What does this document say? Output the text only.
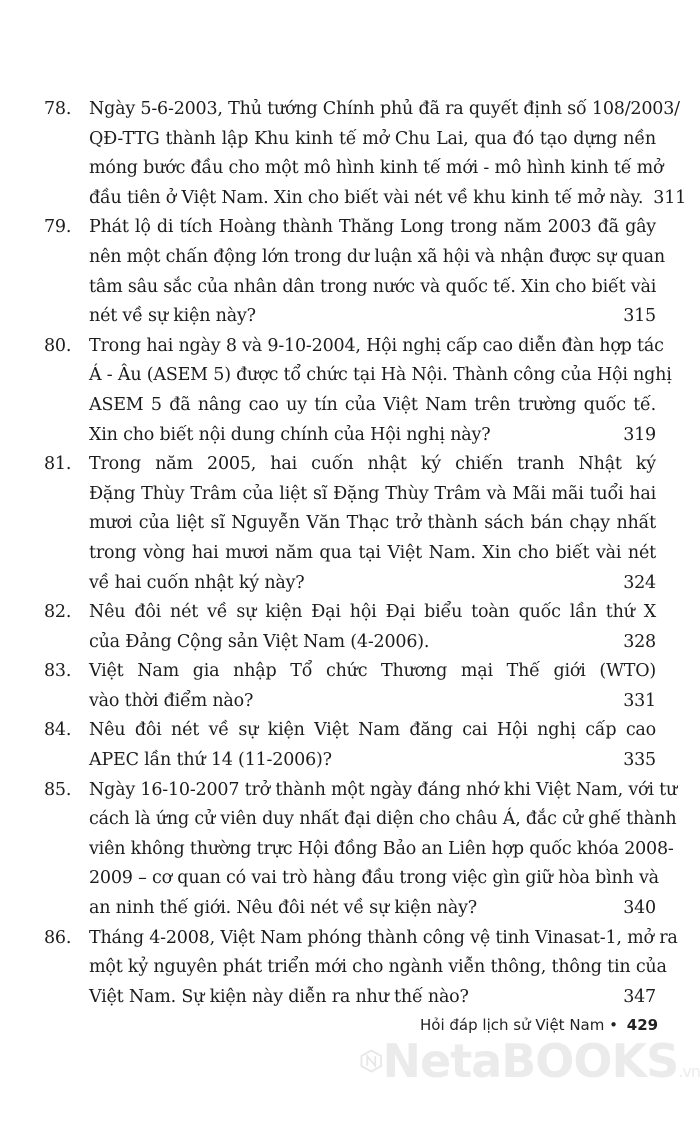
78. Ngày 5-6-2003, Thủ tướng Chính phủ đã ra quyết định số 108/2003/
QĐ-TTG thành lập Khu kinh tế mở Chu Lai, qua đó tạo dựng nền
móng bước đầu cho một mô hình kinh tế mới - mô hình kinh tế mở
đầu tiên ở Việt Nam. Xin cho biết vài nét về khu kinh tế mở này. 311
79. Phát lộ di tích Hoàng thành Thăng Long trong năm 2003 đã gây
nên một chấn động lớn trong dư luận xã hội và nhận được sự quan
tâm sâu sắc của nhân dân trong nước và quốc tế. Xin cho biết vài
nét về sự kiện này?	315
80. Trong hai ngày 8 và 9-10-2004, Hội nghị cấp cao diễn đàn hợp tác
Á - Âu (ASEM 5) được tổ chức tại Hà Nội. Thành công của Hội nghị
ASEM 5 đã nâng cao uy tín của Việt Nam trên trường quốc tế.
Xin cho biết nội dung chính của Hội nghị này?	319
81. Trong năm 2005, hai cuốn nhật ký chiến tranh Nhật ký
Đặng Thùy Trâm của liệt sĩ Đặng Thùy Trâm và Mãi mãi tuổi hai
mươi của liệt sĩ Nguyễn Văn Thạc trở thành sách bán chạy nhất
trong vòng hai mươi năm qua tại Việt Nam. Xin cho biết vài nét
về hai cuốn nhật ký này?	324
82. Nêu đôi nét về sự kiện Đại hội Đại biểu toàn quốc lần thứ X
của Đảng Cộng sản Việt Nam (4-2006).	328
83. Việt Nam gia nhập Tổ chức Thương mại Thế giới (WTO)
vào thời điểm nào?	331
84. Nêu đôi nét về sự kiện Việt Nam đăng cai Hội nghị cấp cao
APEC lần thứ 14 (11-2006)?	335
85. Ngày 16-10-2007 trở thành một ngày đáng nhớ khi Việt Nam, với tư
cách là ứng cử viên duy nhất đại diện cho châu Á, đắc cử ghế thành
viên không thường trực Hội đồng Bảo an Liên hợp quốc khóa 2008-
2009 – cơ quan có vai trò hàng đầu trong việc gìn giữ hòa bình và
an ninh thế giới. Nêu đôi nét về sự kiện này?	340
86. Tháng 4-2008, Việt Nam phóng thành công vệ tinh Vinasat-1, mở ra
một kỷ nguyên phát triển mới cho ngành viễn thông, thông tin của
Việt Nam. Sự kiện này diễn ra như thế nào?	347
Hỏi đáp lịch sử Việt Nam • 429
NetaBOOKS.vn
